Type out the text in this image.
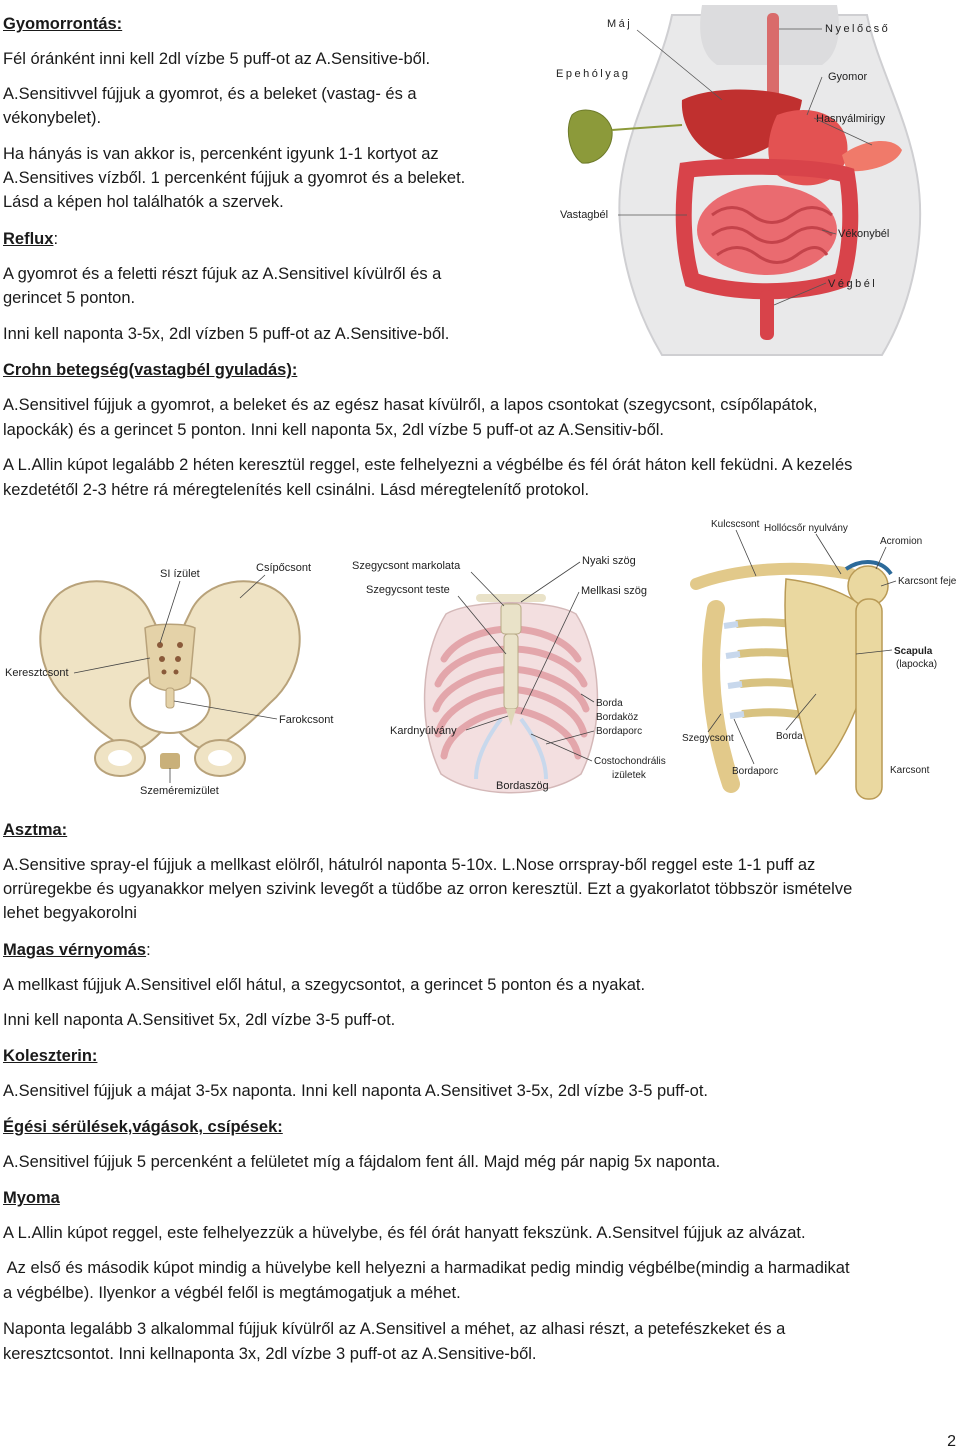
Gyomorrontás:
Fél óránként inni kell 2dl vízbe 5 puff-ot az A.Sensitive-ből.
A.Sensitivvel fújjuk a gyomrot, és a beleket (vastag- és a
vékonybelet).
Ha hányás is van akkor is, percenként igyunk 1-1 kortyot az
A.Sensitives vízből. 1 percenként fújjuk a gyomrot és a beleket.
Lásd a képen hol találhatók a szervek.
Reflux:
A gyomrot és a feletti részt fújuk az A.Sensitivel kívülről és a
gerincet 5 ponton.
Inni kell naponta 3-5x, 2dl vízben 5 puff-ot az A.Sensitive-ből.
Máj	Nyelőcső
Epehólyag	Gyomor
Hasnyálmirigy
Vastagbél
Vékonybél
Végbél
Crohn betegség(vastagbél gyuladás):
A.Sensitivel fújjuk a gyomrot, a beleket és az egész hasat kívülről, a lapos csontokat (szegycsont, csípőlapátok,
lapockák) és a gerincet 5 ponton. Inni kell naponta 5x, 2dl vízbe 5 puff-ot az A.Sensitiv-ből.
A L.Allin kúpot legalább 2 héten keresztül reggel, este felhelyezni a végbélbe és fél órát háton kell feküdni. A kezelés
kezdetétől 2-3 hétre rá méregtelenítés kell csinálni. Lásd méregtelenítő protokol.
SI ízület	Csípőcsont
Keresztcsont
Farokcsont
Szeméremizület
Szegycsont markolata
Szegycsont teste
Nyaki szög
Mellkasi szög
Borda
Bordaköz
Bordaporc
Kardnyúlvány
Costochondrális
izületek
Bordaszög
Kulcscsont Hollócsőr nyulvány
Acromion
Karcsont feje
Scapula
(lapocka)
Szegycsont	Borda
Bordaporc	Karcsont
Asztma:
A.Sensitive spray-el fújjuk a mellkast elölről, hátulról naponta 5-10x. L.Nose orrspray-ből reggel este 1-1 puff az
orrüregekbe és ugyanakkor melyen szivink levegőt a tüdőbe az orron keresztül. Ezt a gyakorlatot többször ismételve
lehet begyakorolni
Magas vérnyomás:
A mellkast fújjuk A.Sensitivel elől hátul, a szegycsontot, a gerincet 5 ponton és a nyakat.
Inni kell naponta A.Sensitivet 5x, 2dl vízbe 3-5 puff-ot.
Koleszterin:
A.Sensitivel fújjuk a májat 3-5x naponta. Inni kell naponta A.Sensitivet 3-5x, 2dl vízbe 3-5 puff-ot.
Égési sérülések,vágások, csípések:
A.Sensitivel fújjuk 5 percenként a felületet míg a fájdalom fent áll. Majd még pár napig 5x naponta.
Myoma
A L.Allin kúpot reggel, este felhelyezzük a hüvelybe, és fél órát hanyatt fekszünk. A.Sensitvel fújjuk az alvázat.
Az első és második kúpot mindig a hüvelybe kell helyezni a harmadikat pedig mindig végbélbe(mindig a harmadikat
a végbélbe). Ilyenkor a végbél felől is megtámogatjuk a méhet.
Naponta legalább 3 alkalommal fújjuk kívülről az A.Sensitivel a méhet, az alhasi részt, a petefészkeket és a
keresztcsontot. Inni kellnaponta 3x, 2dl vízbe 3 puff-ot az A.Sensitive-ből.
2
